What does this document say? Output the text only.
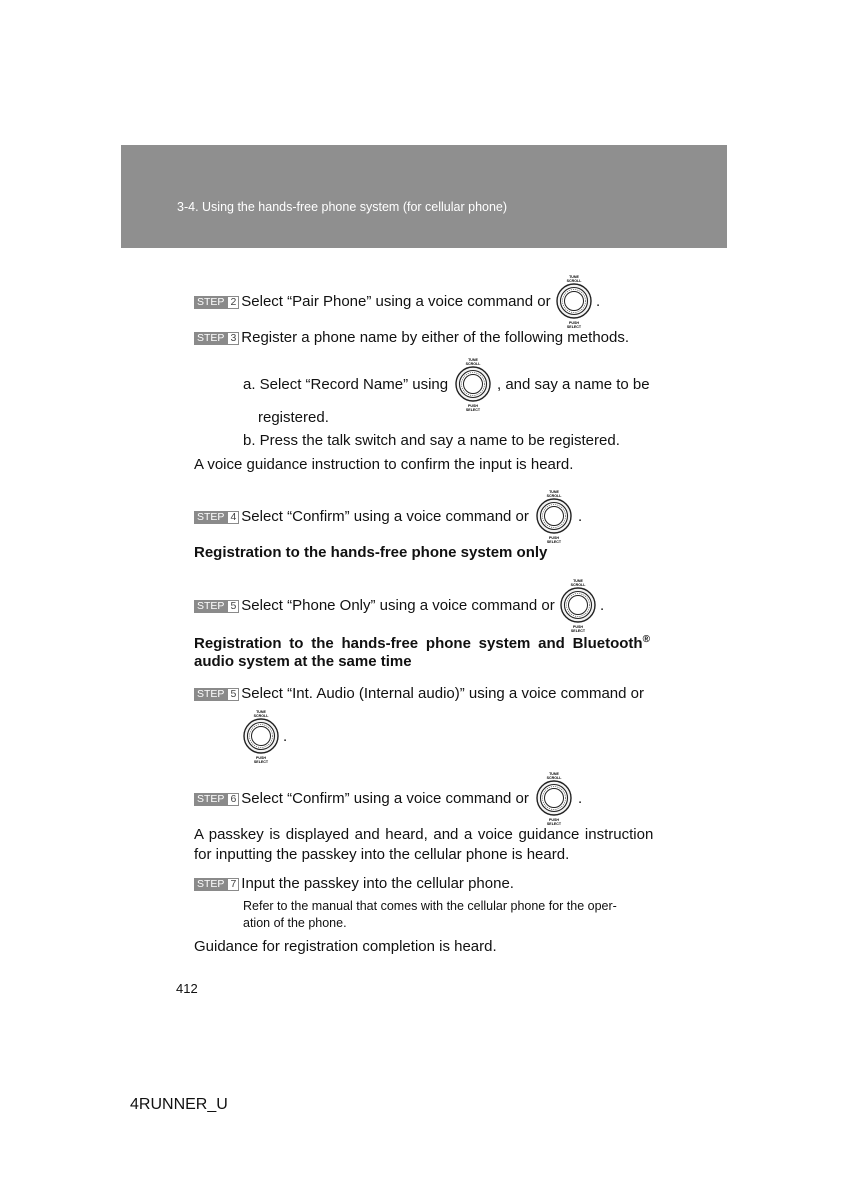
3-4. Using the hands-free phone system (for cellular phone)
STEP 2 Select “Pair Phone” using a voice command or
TUNE
SCROLL
PUSH
SELECT
.
STEP 3 Register a phone name by either of the following methods.
a. Select “Record Name” using
TUNE
SCROLL
PUSH
SELECT
, and say a name to be
registered.
b. Press the talk switch and say a name to be registered.
A voice guidance instruction to confirm the input is heard.
STEP 4 Select “Confirm” using a voice command or
TUNE
SCROLL
PUSH
SELECT
.
Registration to the hands-free phone system only
STEP 5 Select “Phone Only” using a voice command or
TUNE
SCROLL
PUSH
SELECT
.
Registration to the hands-free phone system and Bluetooth®
audio system at the same time
STEP 5 Select “Int. Audio (Internal audio)” using a voice command or
TUNE
SCROLL
PUSH
SELECT
.
STEP 6 Select “Confirm” using a voice command or
TUNE
SCROLL
PUSH
SELECT
.
A passkey is displayed and heard, and a voice guidance instruction
for inputting the passkey into the cellular phone is heard.
STEP 7 Input the passkey into the cellular phone.
Refer to the manual that comes with the cellular phone for the oper-
ation of the phone.
Guidance for registration completion is heard.
412
4RUNNER_U
